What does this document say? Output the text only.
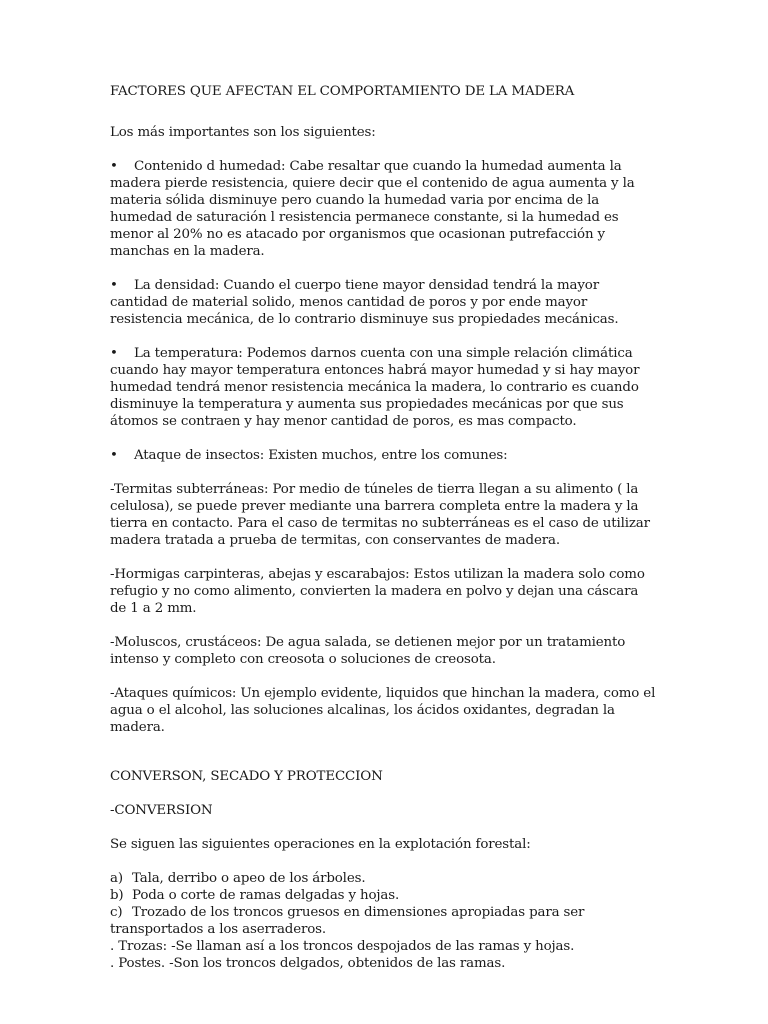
FACTORES QUE AFECTAN EL COMPORTAMIENTO DE LA MADERA

Los más importantes son los siguientes:

• Contenido d humedad: Cabe resaltar que cuando la humedad aumenta la madera pierde resistencia, quiere decir que el contenido de agua aumenta y la materia sólida disminuye pero cuando la humedad varia por encima de la humedad de saturación l resistencia permanece constante, si la humedad es menor al 20% no es atacado por organismos que ocasionan putrefacción y manchas en la madera.

• La densidad: Cuando el cuerpo tiene mayor densidad tendrá la mayor cantidad de material solido, menos cantidad de poros y por ende mayor resistencia mecánica, de lo contrario disminuye sus propiedades mecánicas.

• La temperatura: Podemos darnos cuenta con una simple relación climática cuando hay mayor temperatura entonces habrá mayor humedad y si hay mayor humedad tendrá menor resistencia mecánica la madera, lo contrario es cuando disminuye la temperatura y aumenta sus propiedades mecánicas por que sus átomos se contraen y hay menor cantidad de poros, es mas compacto.

• Ataque de insectos: Existen muchos, entre los comunes:

-Termitas subterráneas: Por medio de túneles de tierra llegan a su alimento ( la celulosa), se puede prever mediante una barrera completa entre la madera y la tierra en contacto. Para el caso de termitas no subterráneas es el caso de utilizar madera tratada a prueba de termitas, con conservantes de madera.

-Hormigas carpinteras, abejas y escarabajos: Estos utilizan la madera solo como refugio y no como alimento, convierten la madera en polvo y dejan una cáscara de 1 a 2 mm.

-Moluscos, crustáceos: De agua salada, se detienen mejor por un tratamiento intenso y completo con creosota o soluciones de creosota.

-Ataques químicos: Un ejemplo evidente, liquidos que hinchan la madera, como el agua o el alcohol, las soluciones alcalinas, los ácidos oxidantes, degradan la madera.

CONVERSON, SECADO Y PROTECCION

-CONVERSION

Se siguen las siguientes operaciones en la explotación forestal:

a) Tala, derribo o apeo de los árboles.

b) Poda o corte de ramas delgadas y hojas.

c) Trozado de los troncos gruesos en dimensiones apropiadas para ser transportados a los aserraderos.

. Trozas: -Se llaman así a los troncos despojados de las ramas y hojas.

. Postes. -Son los troncos delgados, obtenidos de las ramas.
